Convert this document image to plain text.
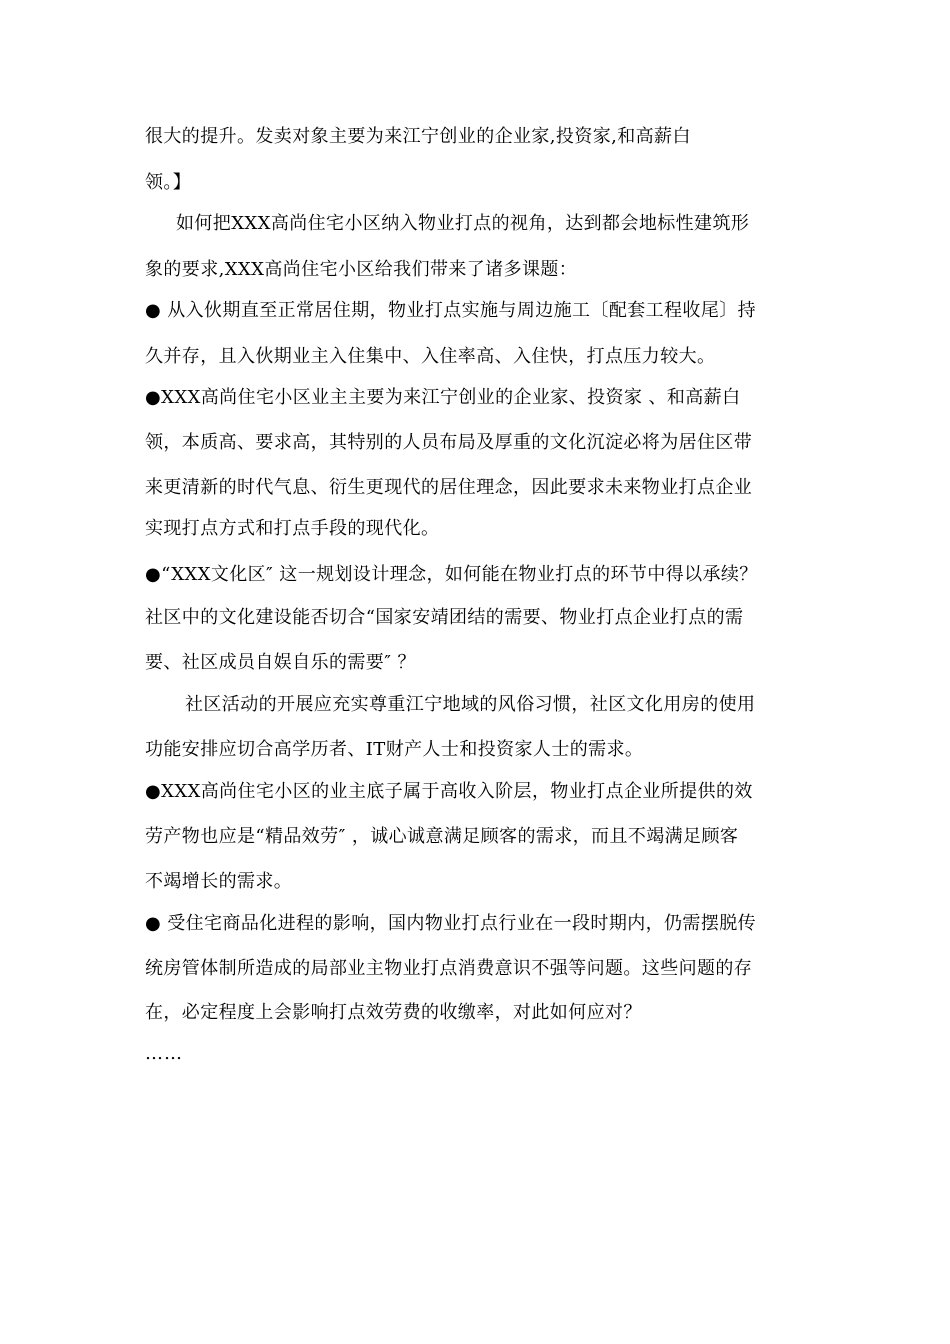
很大的提升。发卖对象主要为来江宁创业的企业家,投资家,和高薪白
领。】
如何把XXX高尚住宅小区纳入物业打点的视角，达到都会地标性建筑形
象的要求,XXX高尚住宅小区给我们带来了诸多课题：
● 从入伙期直至正常居住期，物业打点实施与周边施工〔配套工程收尾〕持
久并存，且入伙期业主入住集中、入住率高、入住快，打点压力较大。
●XXX高尚住宅小区业主主要为来江宁创业的企业家、投资家 、和高薪白
领，本质高、要求高，其特别的人员布局及厚重的文化沉淀必将为居住区带
来更清新的时代气息、衍生更现代的居住理念，因此要求未来物业打点企业
实现打点方式和打点手段的现代化。
●“XXX文化区″ 这一规划设计理念，如何能在物业打点的环节中得以承续？
社区中的文化建设能否切合“国家安靖团结的需要、物业打点企业打点的需
要、社区成员自娱自乐的需要″ ？
社区活动的开展应充实尊重江宁地域的风俗习惯，社区文化用房的使用
功能安排应切合高学历者、IT财产人士和投资家人士的需求。
●XXX高尚住宅小区的业主底子属于高收入阶层，物业打点企业所提供的效
劳产物也应是“精品效劳″ ，诚心诚意满足顾客的需求，而且不竭满足顾客
不竭增长的需求。
● 受住宅商品化进程的影响，国内物业打点行业在一段时期内，仍需摆脱传
统房管体制所造成的局部业主物业打点消费意识不强等问题。这些问题的存
在，必定程度上会影响打点效劳费的收缴率，对此如何应对？
……
